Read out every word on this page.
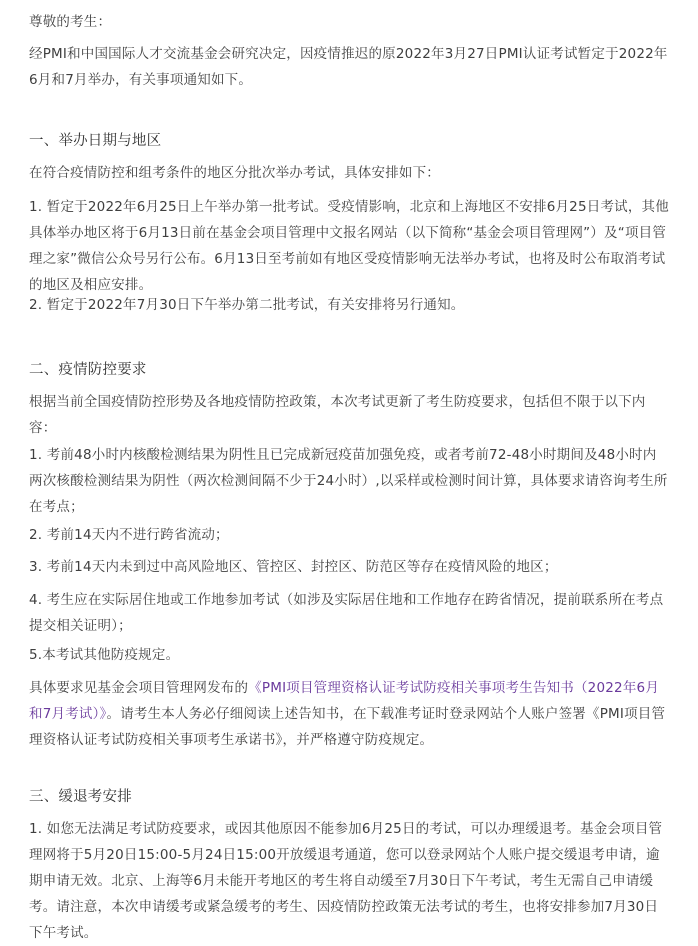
尊敬的考生：

经PMI和中国国际人才交流基金会研究决定，因疫情推迟的原2022年3月27日PMI认证考试暂定于2022年6月和7月举办，有关事项通知如下。

一、举办日期与地区

在符合疫情防控和组考条件的地区分批次举办考试，具体安排如下：

1. 暂定于2022年6月25日上午举办第一批考试。受疫情影响，北京和上海地区不安排6月25日考试，其他具体举办地区将于6月13日前在基金会项目管理中文报名网站（以下简称“基金会项目管理网”）及“项目管理之家”微信公众号另行公布。6月13日至考前如有地区受疫情影响无法举办考试，也将及时公布取消考试的地区及相应安排。

2. 暂定于2022年7月30日下午举办第二批考试，有关安排将另行通知。

二、疫情防控要求

根据当前全国疫情防控形势及各地疫情防控政策，本次考试更新了考生防疫要求，包括但不限于以下内容：

1. 考前48小时内核酸检测结果为阴性且已完成新冠疫苗加强免疫，或者考前72-48小时期间及48小时内两次核酸检测结果为阴性（两次检测间隔不少于24小时）,以采样或检测时间计算，具体要求请咨询考生所在考点；

2. 考前14天内不进行跨省流动；

3. 考前14天内未到过中高风险地区、管控区、封控区、防范区等存在疫情风险的地区；

4. 考生应在实际居住地或工作地参加考试（如涉及实际居住地和工作地存在跨省情况，提前联系所在考点提交相关证明）；

5.本考试其他防疫规定。

具体要求见基金会项目管理网发布的《PMI项目管理资格认证考试防疫相关事项考生告知书（2022年6月和7月考试）》。请考生本人务必仔细阅读上述告知书，在下载准考证时登录网站个人账户签署《PMI项目管理资格认证考试防疫相关事项考生承诺书》，并严格遵守防疫规定。

三、缓退考安排

1. 如您无法满足考试防疫要求，或因其他原因不能参加6月25日的考试，可以办理缓退考。基金会项目管理网将于5月20日15:00-5月24日15:00开放缓退考通道，您可以登录网站个人账户提交缓退考申请，逾期申请无效。北京、上海等6月未能开考地区的考生将自动缓至7月30日下午考试，考生无需自己申请缓考。请注意，本次申请缓考或紧急缓考的考生、因疫情防控政策无法考试的考生，也将安排参加7月30日下午考试。
